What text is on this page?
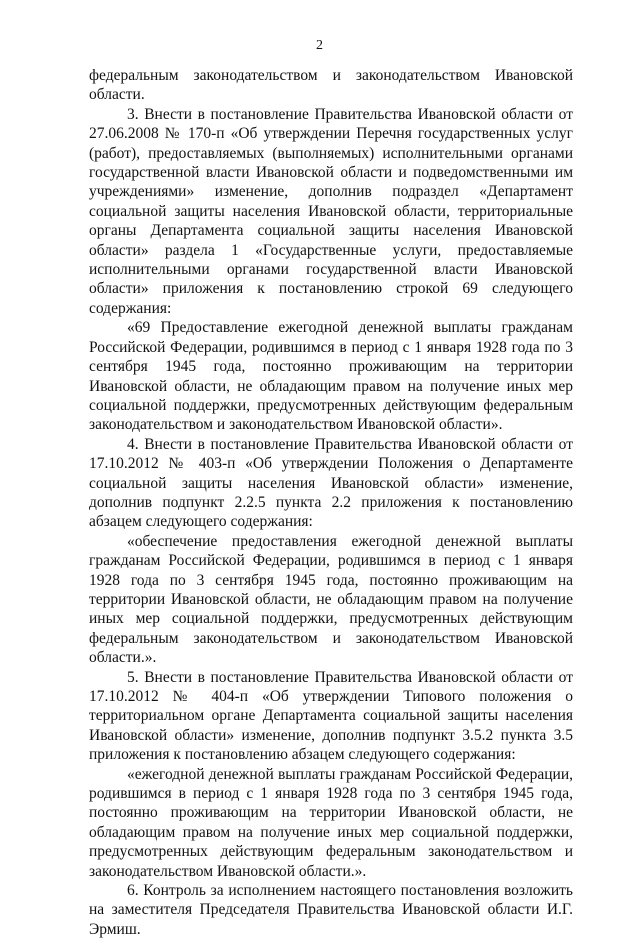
2

федеральным законодательством и законодательством Ивановской области.

3. Внести в постановление Правительства Ивановской области от 27.06.2008 № 170-п «Об утверждении Перечня государственных услуг (работ), предоставляемых (выполняемых) исполнительными органами государственной власти Ивановской области и подведомственными им учреждениями» изменение, дополнив подраздел «Департамент социальной защиты населения Ивановской области, территориальные органы Департамента социальной защиты населения Ивановской области» раздела 1 «Государственные услуги, предоставляемые исполнительными органами государственной власти Ивановской области» приложения к постановлению строкой 69 следующего содержания:

«69 Предоставление ежегодной денежной выплаты гражданам Российской Федерации, родившимся в период с 1 января 1928 года по 3 сентября 1945 года, постоянно проживающим на территории Ивановской области, не обладающим правом на получение иных мер социальной поддержки, предусмотренных действующим федеральным законодательством и законодательством Ивановской области».

4. Внести в постановление Правительства Ивановской области от 17.10.2012 № 403-п «Об утверждении Положения о Департаменте социальной защиты населения Ивановской области» изменение, дополнив подпункт 2.2.5 пункта 2.2 приложения к постановлению абзацем следующего содержания:

«обеспечение предоставления ежегодной денежной выплаты гражданам Российской Федерации, родившимся в период с 1 января 1928 года по 3 сентября 1945 года, постоянно проживающим на территории Ивановской области, не обладающим правом на получение иных мер социальной поддержки, предусмотренных действующим федеральным законодательством и законодательством Ивановской области.».

5. Внести в постановление Правительства Ивановской области от 17.10.2012 № 404-п «Об утверждении Типового положения о территориальном органе Департамента социальной защиты населения Ивановской области» изменение, дополнив подпункт 3.5.2 пункта 3.5 приложения к постановлению абзацем следующего содержания:

«ежегодной денежной выплаты гражданам Российской Федерации, родившимся в период с 1 января 1928 года по 3 сентября 1945 года, постоянно проживающим на территории Ивановской области, не обладающим правом на получение иных мер социальной поддержки, предусмотренных действующим федеральным законодательством и законодательством Ивановской области.».

6. Контроль за исполнением настоящего постановления возложить на заместителя Председателя Правительства Ивановской области И.Г. Эрмиш.
